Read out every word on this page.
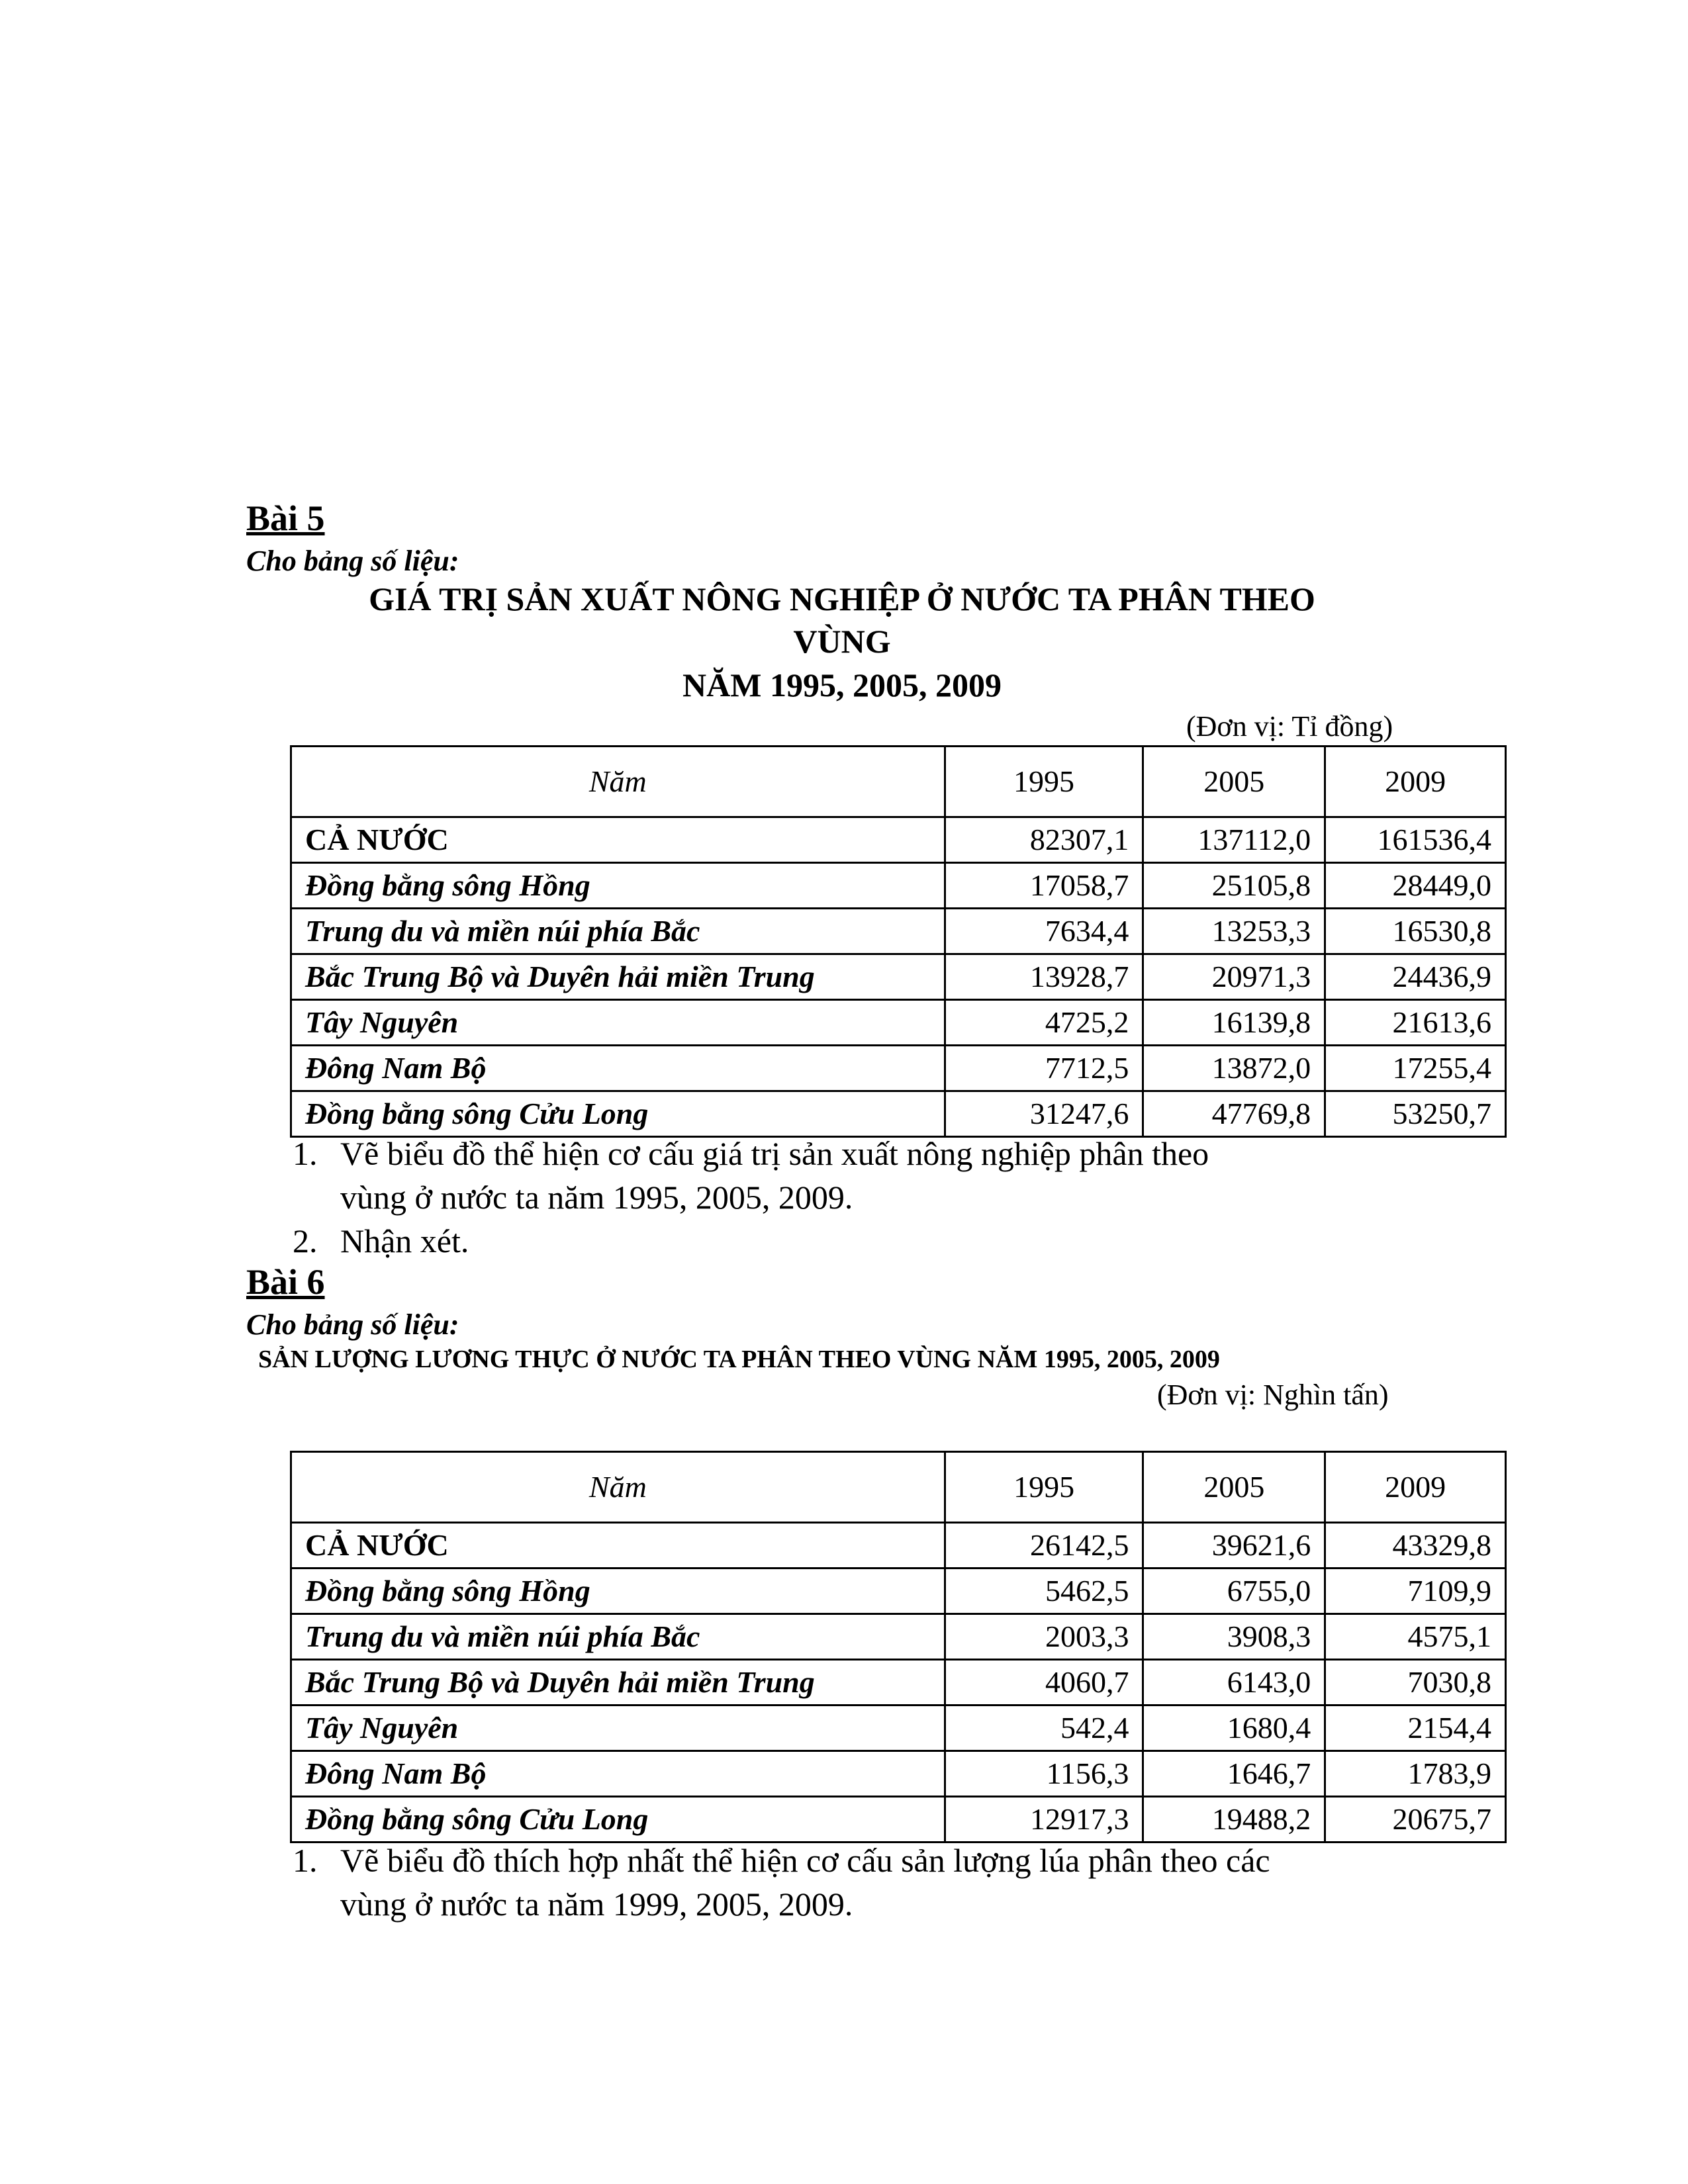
Bài 5
Cho bảng số liệu:
GIÁ TRỊ SẢN XUẤT NÔNG NGHIỆP Ở NƯỚC TA PHÂN THEO
VÙNG
NĂM 1995, 2005, 2009
(Đơn vị: Tỉ đồng)
Năm	1995	2005	2009
CẢ NƯỚC	82307,1	137112,0	161536,4
Đồng bằng sông Hồng	17058,7	25105,8	28449,0
Trung du và miền núi phía Bắc	7634,4	13253,3	16530,8
Bắc Trung Bộ và Duyên hải miền Trung	13928,7	20971,3	24436,9
Tây Nguyên	4725,2	16139,8	21613,6
Đông Nam Bộ	7712,5	13872,0	17255,4
Đồng bằng sông Cửu Long	31247,6	47769,8	53250,7
1. Vẽ biểu đồ thể hiện cơ cấu giá trị sản xuất nông nghiệp phân theo
vùng ở nước ta năm 1995, 2005, 2009.
2. Nhận xét.
Bài 6
Cho bảng số liệu:
SẢN LƯỢNG LƯƠNG THỰC Ở NƯỚC TA PHÂN THEO VÙNG NĂM 1995, 2005, 2009
(Đơn vị: Nghìn tấn)
Năm	1995	2005	2009
CẢ NƯỚC	26142,5	39621,6	43329,8
Đồng bằng sông Hồng	5462,5	6755,0	7109,9
Trung du và miền núi phía Bắc	2003,3	3908,3	4575,1
Bắc Trung Bộ và Duyên hải miền Trung	4060,7	6143,0	7030,8
Tây Nguyên	542,4	1680,4	2154,4
Đông Nam Bộ	1156,3	1646,7	1783,9
Đồng bằng sông Cửu Long	12917,3	19488,2	20675,7
1. Vẽ biểu đồ thích hợp nhất thể hiện cơ cấu sản lượng lúa phân theo các
vùng ở nước ta năm 1999, 2005, 2009.
